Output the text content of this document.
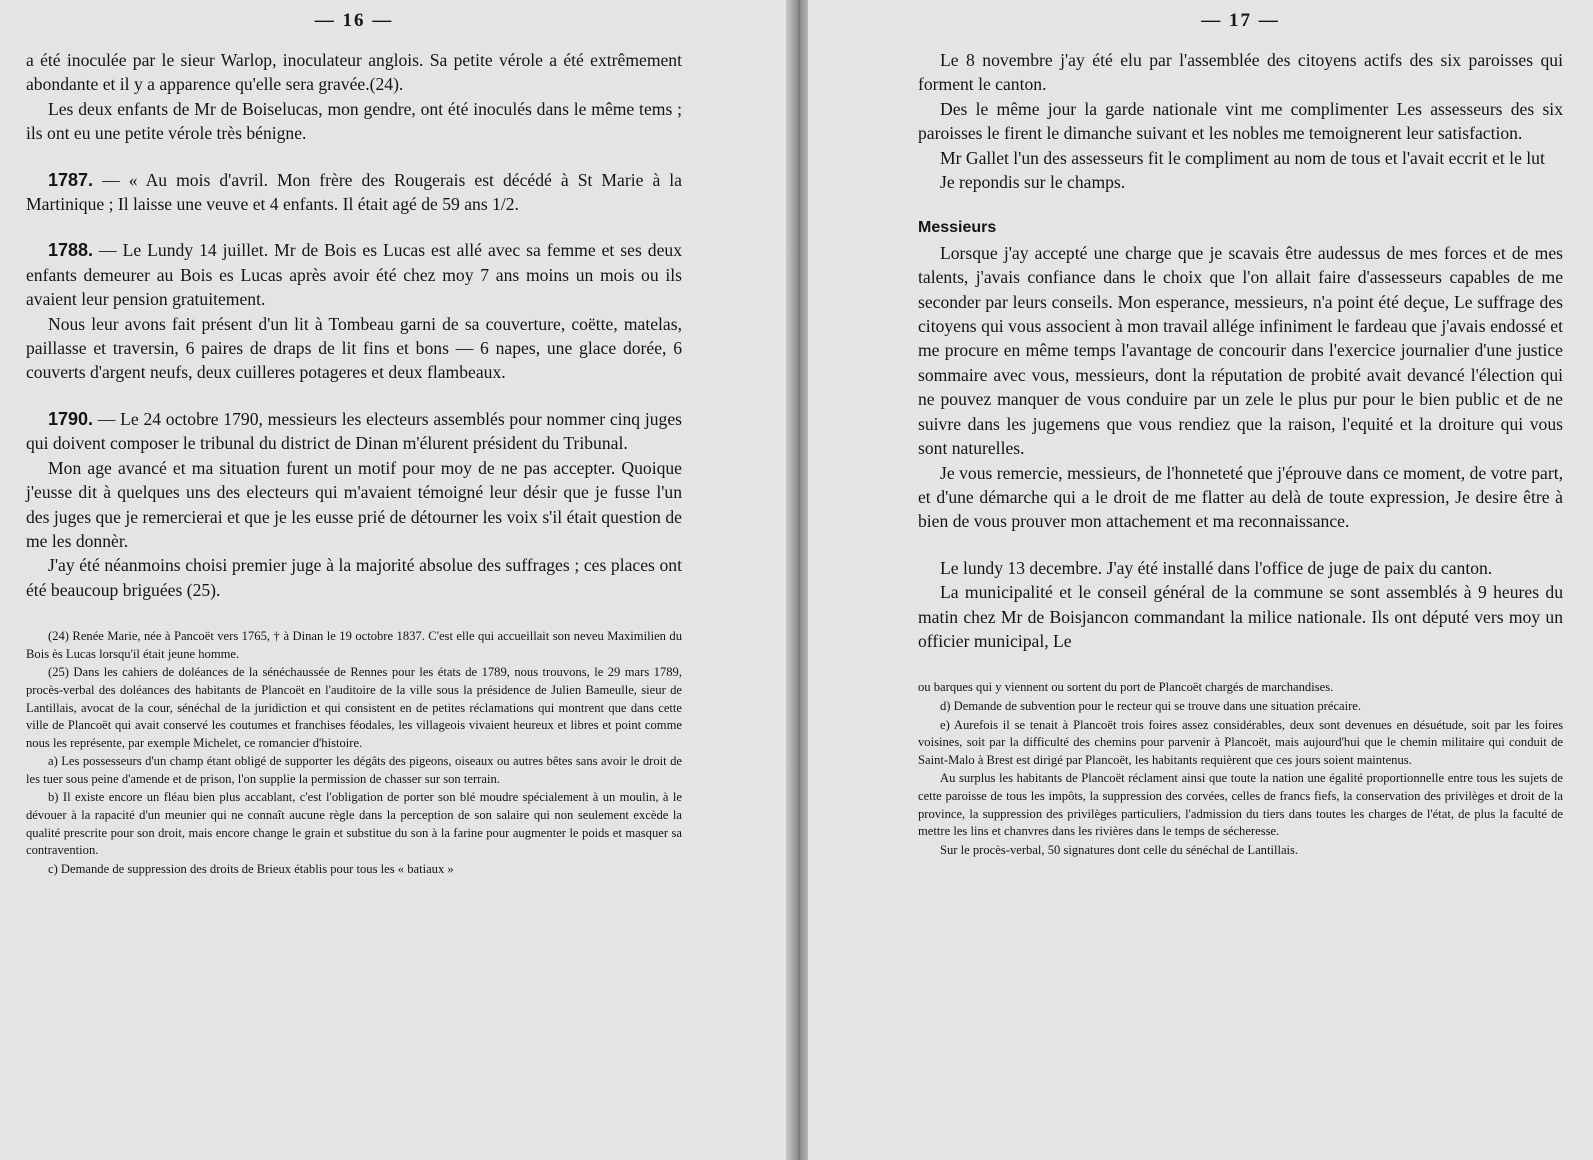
— 16 —

a été inoculée par le sieur Warlop, inoculateur anglois. Sa petite vérole a été extrêmement abondante et il y a apparence qu'elle sera gravée.(24).

Les deux enfants de Mr de Boiselucas, mon gendre, ont été inoculés dans le même tems ; ils ont eu une petite vérole très bénigne.

1787. — « Au mois d'avril. Mon frère des Rougerais est décédé à St Marie à la Martinique ; Il laisse une veuve et 4 enfants. Il était agé de 59 ans 1/2.

1788. — Le Lundy 14 juillet. Mr de Bois es Lucas est allé avec sa femme et ses deux enfants demeurer au Bois es Lucas après avoir été chez moy 7 ans moins un mois ou ils avaient leur pension gratuitement.

Nous leur avons fait présent d'un lit à Tombeau garni de sa couverture, coëtte, matelas, paillasse et traversin, 6 paires de draps de lit fins et bons — 6 napes, une glace dorée, 6 couverts d'argent neufs, deux cuilleres potageres et deux flambeaux.

1790. — Le 24 octobre 1790, messieurs les electeurs assemblés pour nommer cinq juges qui doivent composer le tribunal du district de Dinan m'élurent président du Tribunal.

Mon age avancé et ma situation furent un motif pour moy de ne pas accepter. Quoique j'eusse dit à quelques uns des electeurs qui m'avaient témoigné leur désir que je fusse l'un des juges que je remercierai et que je les eusse prié de détourner les voix s'il était question de me les donnèr.

J'ay été néanmoins choisi premier juge à la majorité absolue des suffrages ; ces places ont été beaucoup briguées (25).

(24) Renée Marie, née à Pancoët vers 1765, † à Dinan le 19 octobre 1837. C'est elle qui accueillait son neveu Maximilien du Bois ès Lucas lorsqu'il était jeune homme.

(25) Dans les cahiers de doléances de la sénéchaussée de Rennes pour les états de 1789, nous trouvons, le 29 mars 1789, procès-verbal des doléances des habitants de Plancoët en l'auditoire de la ville sous la présidence de Julien Bameulle, sieur de Lantillais, avocat de la cour, sénéchal de la juridiction et qui consistent en de petites réclamations qui montrent que dans cette ville de Plancoët qui avait conservé les coutumes et franchises féodales, les villageois vivaient heureux et libres et point comme nous les représente, par exemple Michelet, ce romancier d'histoire.

a) Les possesseurs d'un champ étant obligé de supporter les dégâts des pigeons, oiseaux ou autres bêtes sans avoir le droit de les tuer sous peine d'amende et de prison, l'on supplie la permission de chasser sur son terrain.

b) Il existe encore un fléau bien plus accablant, c'est l'obligation de porter son blé moudre spécialement à un moulin, à le dévouer à la rapacité d'un meunier qui ne connaît aucune règle dans la perception de son salaire qui non seulement excède la qualité prescrite pour son droit, mais encore change le grain et substitue du son à la farine pour augmenter le poids et masquer sa contravention.

c) Demande de suppression des droits de Brieux établis pour tous les « batiaux »

— 17 —

Le 8 novembre j'ay été elu par l'assemblée des citoyens actifs des six paroisses qui forment le canton.

Des le même jour la garde nationale vint me complimenter Les assesseurs des six paroisses le firent le dimanche suivant et les nobles me temoignerent leur satisfaction.

Mr Gallet l'un des assesseurs fit le compliment au nom de tous et l'avait eccrit et le lut

Je repondis sur le champs.

Messieurs

Lorsque j'ay accepté une charge que je scavais être audessus de mes forces et de mes talents, j'avais confiance dans le choix que l'on allait faire d'assesseurs capables de me seconder par leurs conseils. Mon esperance, messieurs, n'a point été deçue, Le suffrage des citoyens qui vous associent à mon travail allége infiniment le fardeau que j'avais endossé et me procure en même temps l'avantage de concourir dans l'exercice journalier d'une justice sommaire avec vous, messieurs, dont la réputation de probité avait devancé l'élection qui ne pouvez manquer de vous conduire par un zele le plus pur pour le bien public et de ne suivre dans les jugemens que vous rendiez que la raison, l'equité et la droiture qui vous sont naturelles.

Je vous remercie, messieurs, de l'honneteté que j'éprouve dans ce moment, de votre part, et d'une démarche qui a le droit de me flatter au delà de toute expression, Je desire être à bien de vous prouver mon attachement et ma reconnaissance.

Le lundy 13 decembre. J'ay été installé dans l'office de juge de paix du canton.

La municipalité et le conseil général de la commune se sont assemblés à 9 heures du matin chez Mr de Boisjancon commandant la milice nationale. Ils ont député vers moy un officier municipal, Le

ou barques qui y viennent ou sortent du port de Plancoët chargés de marchandises.

d) Demande de subvention pour le recteur qui se trouve dans une situation précaire.

e) Aurefois il se tenait à Plancoët trois foires assez considérables, deux sont devenues en désuétude, soit par les foires voisines, soit par la difficulté des chemins pour parvenir à Plancoët, mais aujourd'hui que le chemin militaire qui conduit de Saint-Malo à Brest est dirigé par Plancoët, les habitants requièrent que ces jours soient maintenus.

Au surplus les habitants de Plancoët réclament ainsi que toute la nation une égalité proportionnelle entre tous les sujets de cette paroisse de tous les impôts, la suppression des corvées, celles de francs fiefs, la conservation des privilèges et droit de la province, la suppression des privilèges particuliers, l'admission du tiers dans toutes les charges de l'état, de plus la faculté de mettre les lins et chanvres dans les rivières dans le temps de sécheresse.

Sur le procès-verbal, 50 signatures dont celle du sénéchal de Lantillais.
